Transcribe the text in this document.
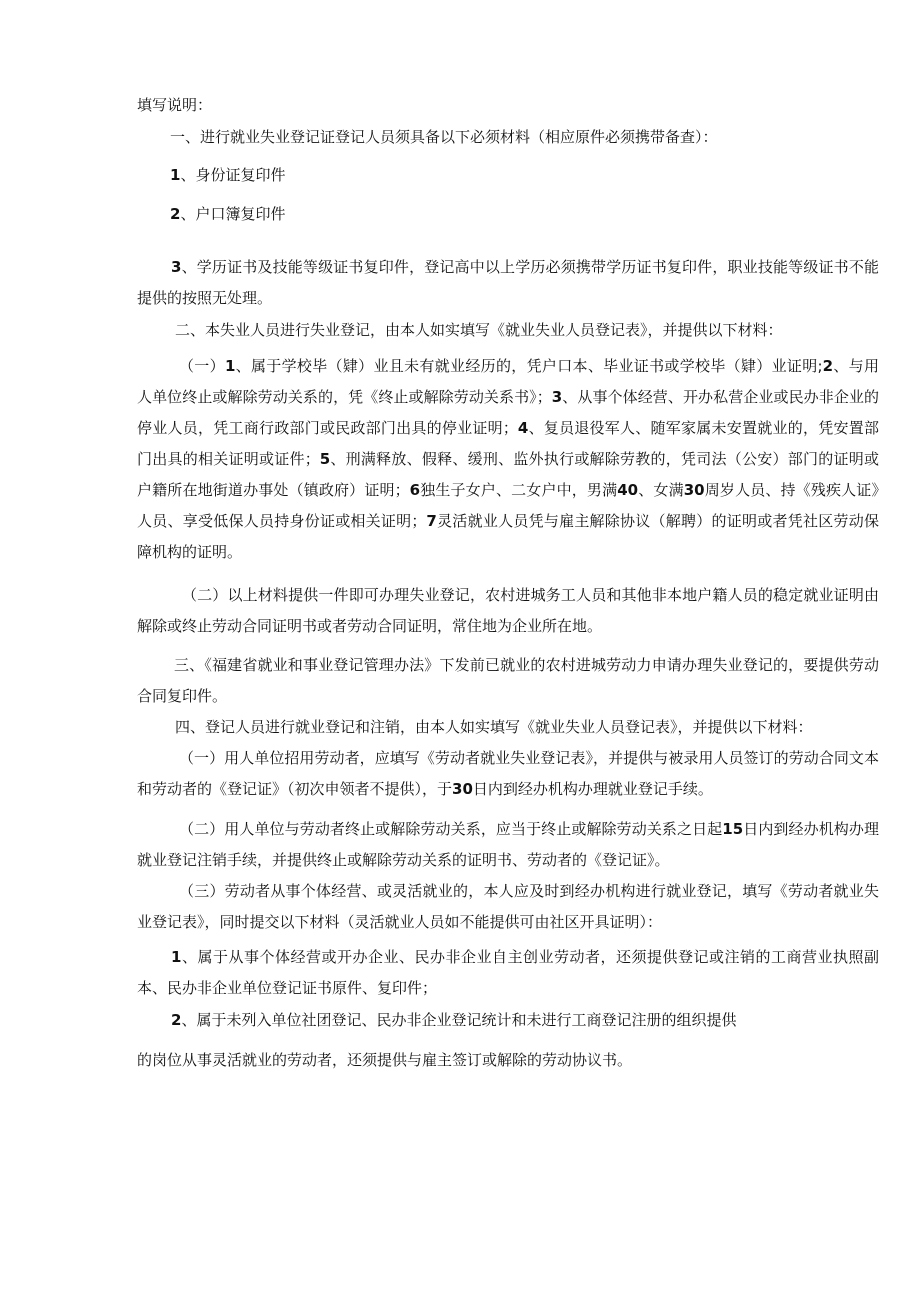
填写说明：
一、进行就业失业登记证登记人员须具备以下必须材料（相应原件必须携带备查）：
1、身份证复印件
2、户口簿复印件

3、学历证书及技能等级证书复印件，登记高中以上学历必须携带学历证书复印件，职业技能等级证书不能提供的按照无处理。

二、本失业人员进行失业登记，由本人如实填写《就业失业人员登记表》，并提供以下材料：

（一）1、属于学校毕（肄）业且未有就业经历的，凭户口本、毕业证书或学校毕（肄）业证明;2、与用人单位终止或解除劳动关系的，凭《终止或解除劳动关系书》；3、从事个体经营、开办私营企业或民办非企业的停业人员，凭工商行政部门或民政部门出具的停业证明；4、复员退役军人、随军家属未安置就业的，凭安置部门出具的相关证明或证件；5、刑满释放、假释、缓刑、监外执行或解除劳教的，凭司法（公安）部门的证明或户籍所在地街道办事处（镇政府）证明；6独生子女户、二女户中，男满40、女满30周岁人员、持《残疾人证》人员、享受低保人员持身份证或相关证明；7灵活就业人员凭与雇主解除协议（解聘）的证明或者凭社区劳动保障机构的证明。

（二）以上材料提供一件即可办理失业登记，农村进城务工人员和其他非本地户籍人员的稳定就业证明由解除或终止劳动合同证明书或者劳动合同证明，常住地为企业所在地。

三、《福建省就业和事业登记管理办法》下发前已就业的农村进城劳动力申请办理失业登记的，要提供劳动合同复印件。

四、登记人员进行就业登记和注销，由本人如实填写《就业失业人员登记表》，并提供以下材料：

（一）用人单位招用劳动者，应填写《劳动者就业失业登记表》，并提供与被录用人员签订的劳动合同文本和劳动者的《登记证》（初次申领者不提供），于30日内到经办机构办理就业登记手续。

（二）用人单位与劳动者终止或解除劳动关系，应当于终止或解除劳动关系之日起15日内到经办机构办理就业登记注销手续，并提供终止或解除劳动关系的证明书、劳动者的《登记证》。

（三）劳动者从事个体经营、或灵活就业的，本人应及时到经办机构进行就业登记，填写《劳动者就业失业登记表》，同时提交以下材料（灵活就业人员如不能提供可由社区开具证明）：

1、属于从事个体经营或开办企业、民办非企业自主创业劳动者，还须提供登记或注销的工商营业执照副本、民办非企业单位登记证书原件、复印件；

2、属于未列入单位社团登记、民办非企业登记统计和未进行工商登记注册的组织提供
的岗位从事灵活就业的劳动者，还须提供与雇主签订或解除的劳动协议书。
